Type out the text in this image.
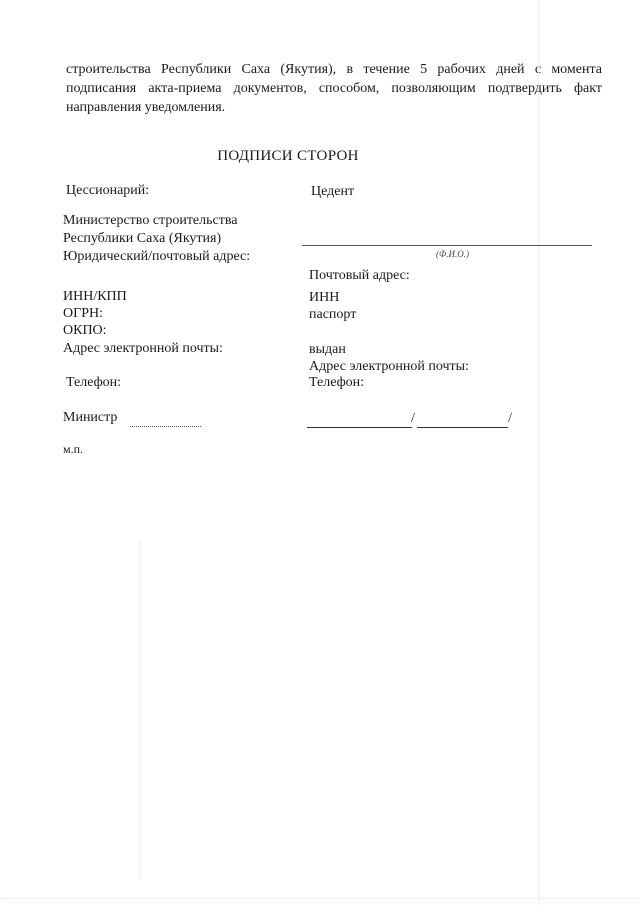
строительства Республики Саха (Якутия), в течение 5 рабочих дней с момента
подписания акта-приема документов, способом, позволяющим подтвердить факт
направления уведомления.
ПОДПИСИ СТОРОН
Цессионарий:
Министерство строительства
Республики Саха (Якутия)
Юридический/почтовый адрес:
ИНН/КПП
ОГРН:
ОКПО:
Адрес электронной почты:
Телефон:
Министр
м.п.
Цедент
(Ф.И.О.)
Почтовый адрес:
ИНН
паспорт
выдан
Адрес электронной почты:
Телефон:
/	/
